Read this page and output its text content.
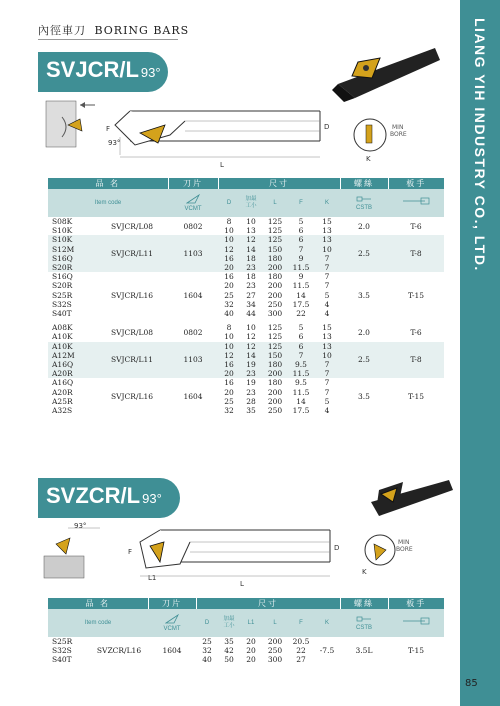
內徑車刀 BORING BARS	LIANG YIH INDUSTRY CO., LTD.
SVJCR/L 93°
93°
F	D
L
MIN BORE
K
品 名		刀片	尺寸					螺絲	板手
Item code		VCMT	D	加最
工小	L	F	K	CSTB	
S08K	SVJCR/L08	0802	8	10	125	5	15	2.0	T-6
S10K			10	13	125	6	13		
S10K	SVJCR/L11	1103	10	12	125	6	13	2.5	T-8
S12M			12	14	150	7	10		
S16Q			16	18	180	9	7		
S20R			20	23	200	11.5	7		
S16Q	SVJCR/L16	1604	16	18	180	9	7	3.5	T-15
S20R			20	23	200	11.5	7		
S25R			25	27	200	14	5		
S32S			32	34	250	17.5	4		
S40T			40	44	300	22	4		

A08K	SVJCR/L08	0802	8	10	125	5	15	2.0	T-6
A10K			10	12	125	6	13		
A10K	SVJCR/L11	1103	10	12	125	6	13	2.5	T-8
A12M			12	14	150	7	10		
A16Q			16	19	180	9.5	7		
A20R			20	23	200	11.5	7		
A16Q	SVJCR/L16	1604	16	19	180	9.5	7	3.5	T-15
A20R			20	23	200	11.5	7		
A25R			25	28	200	14	5		
A32S			32	35	250	17.5	4		
SVZCR/L 93°
93°
F	D
L1
L
MIN BORE
K
品 名		刀片	尺寸						螺絲	板手
Item code		VCMT	D	加最
工小	L1	L	F	K	CSTB	
S25R	SVZCR/L16	1604	25	35	20	200	20.5	-7.5	3.5L	T-15
S32S			32	42	20	250	22			
S40T			40	50	20	300	27			
85
